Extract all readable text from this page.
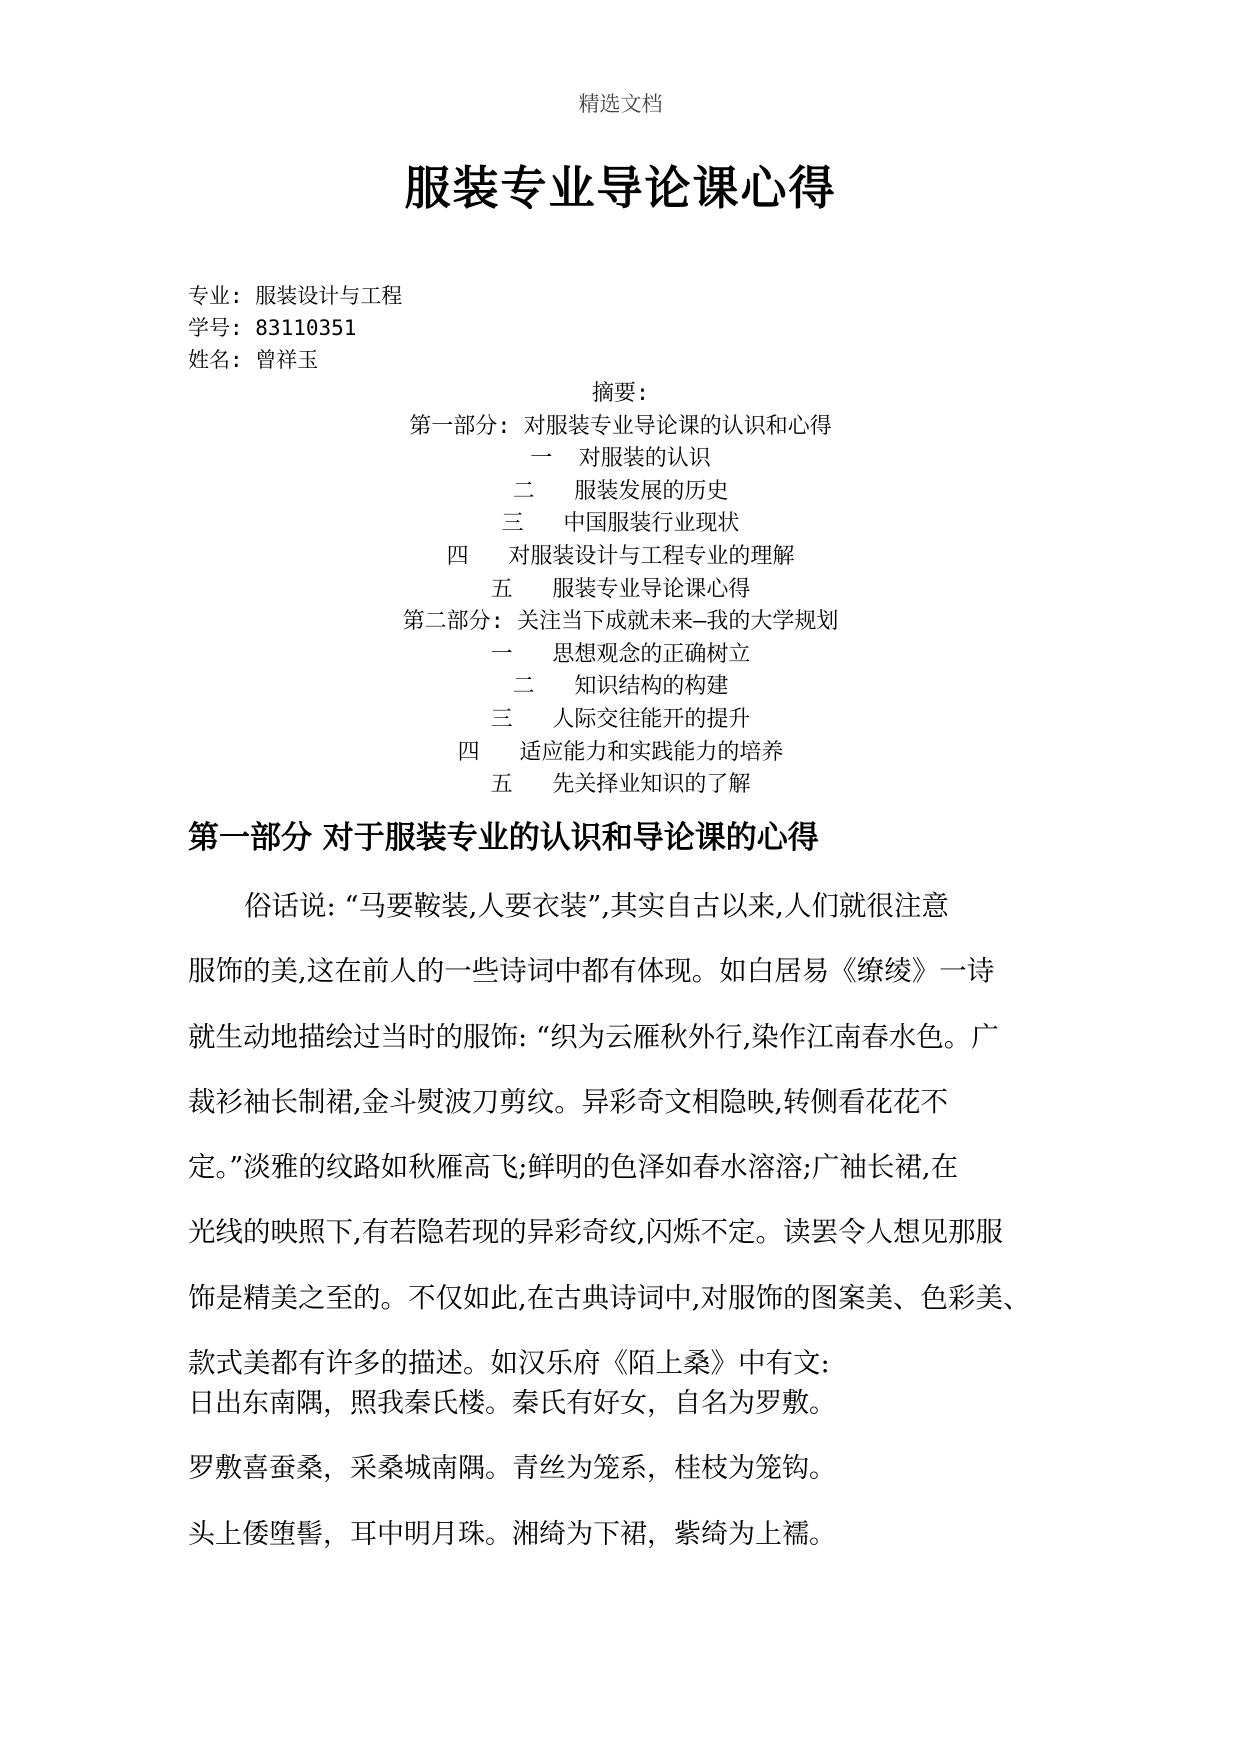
精选文档
服装专业导论课心得
专业: 服装设计与工程
学号: 83110351
姓名: 曾祥玉
摘要:
第一部分: 对服装专业导论课的认识和心得
一  对服装的认识
二   服装发展的历史
三   中国服装行业现状
四   对服装设计与工程专业的理解
五   服装专业导论课心得
第二部分: 关注当下成就未来—我的大学规划
一   思想观念的正确树立
二   知识结构的构建
三   人际交往能开的提升
四   适应能力和实践能力的培养
五   先关择业知识的了解
第一部分 对于服装专业的认识和导论课的心得
俗话说: “马要鞍装,人要衣装”,其实自古以来,人们就很注意
服饰的美,这在前人的一些诗词中都有体现。如白居易《缭绫》一诗
就生动地描绘过当时的服饰: “织为云雁秋外行,染作江南春水色。广
裁衫袖长制裙,金斗熨波刀剪纹。异彩奇文相隐映,转侧看花花不
定。”淡雅的纹路如秋雁高飞;鲜明的色泽如春水溶溶;广袖长裙,在
光线的映照下,有若隐若现的异彩奇纹,闪烁不定。读罢令人想见那服
饰是精美之至的。不仅如此,在古典诗词中,对服饰的图案美、色彩美、
款式美都有许多的描述。如汉乐府《陌上桑》中有文:
日出东南隅，照我秦氏楼。秦氏有好女，自名为罗敷。
罗敷喜蚕桑，采桑城南隅。青丝为笼系，桂枝为笼钩。
头上倭堕髻，耳中明月珠。湘绮为下裙，紫绮为上襦。
